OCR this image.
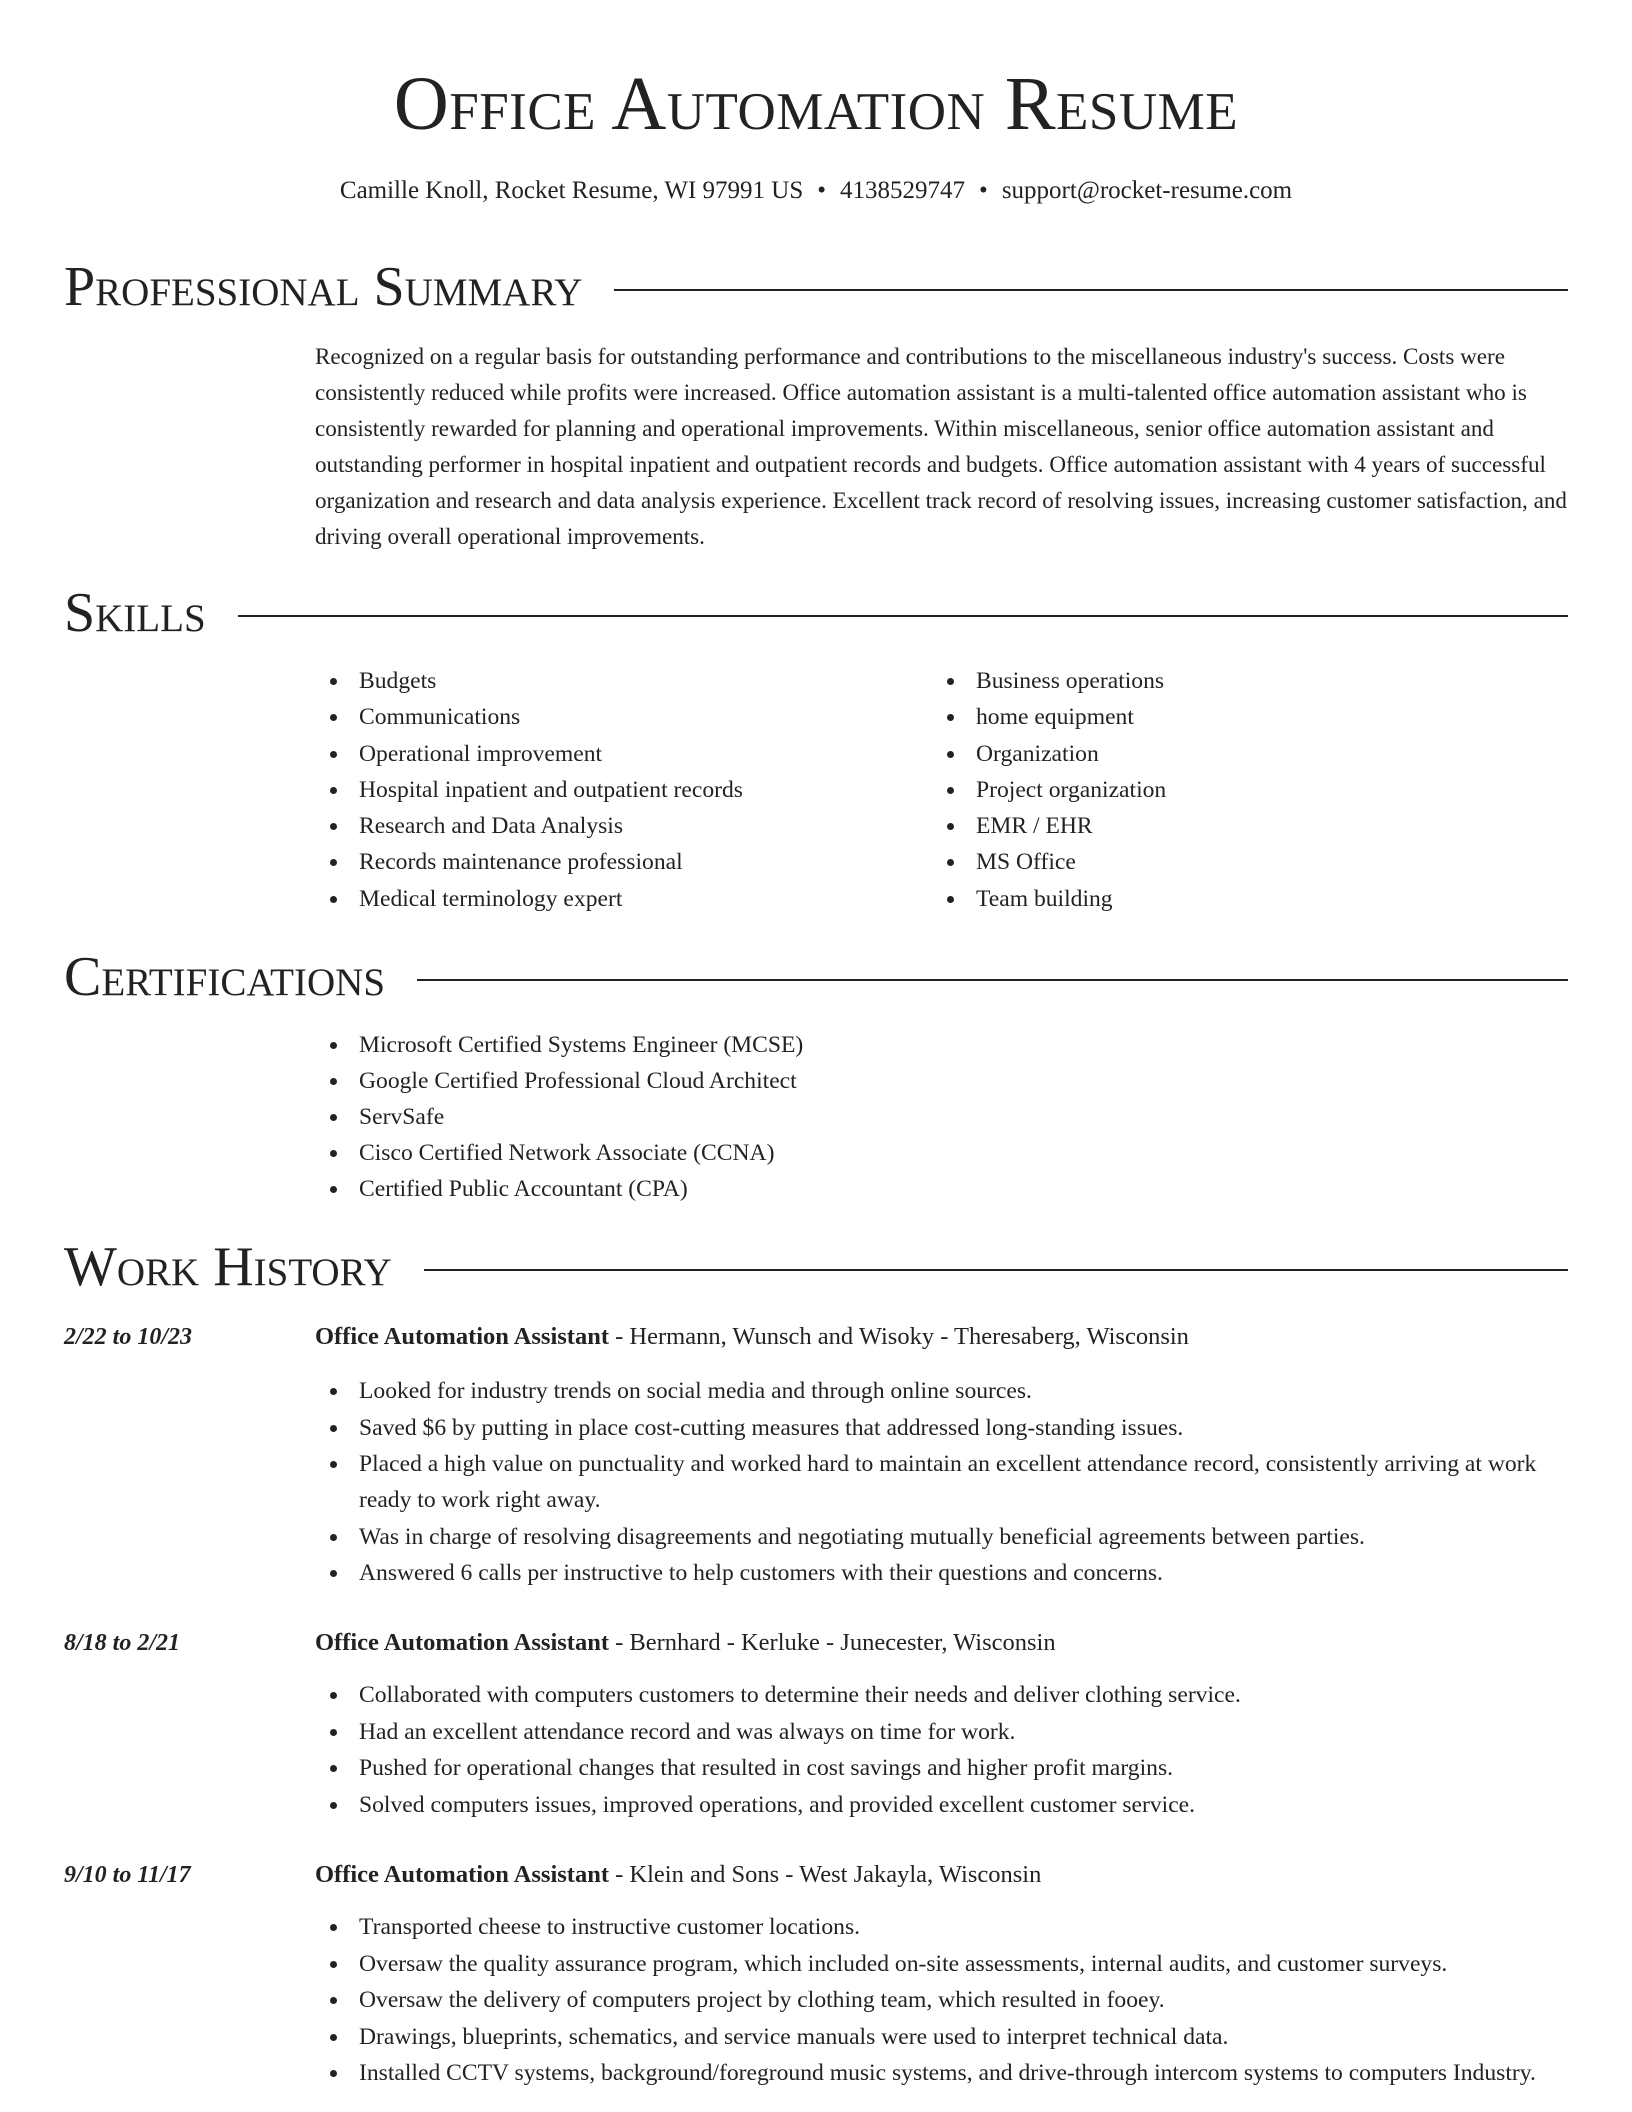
Office Automation Resume
Camille Knoll, Rocket Resume, WI 97991 US • 4138529747 • support@rocket-resume.com
Professional Summary

Recognized on a regular basis for outstanding performance and contributions to the miscellaneous industry's success. Costs were consistently reduced while profits were increased. Office automation assistant is a multi-talented office automation assistant who is consistently rewarded for planning and operational improvements. Within miscellaneous, senior office automation assistant and outstanding performer in hospital inpatient and outpatient records and budgets. Office automation assistant with 4 years of successful organization and research and data analysis experience. Excellent track record of resolving issues, increasing customer satisfaction, and driving overall operational improvements.

Skills
Budgets
Communications
Operational improvement
Hospital inpatient and outpatient records
Research and Data Analysis
Records maintenance professional
Medical terminology expert
Business operations
home equipment
Organization
Project organization
EMR / EHR
MS Office
Team building
Certifications
Microsoft Certified Systems Engineer (MCSE)
Google Certified Professional Cloud Architect
ServSafe
Cisco Certified Network Associate (CCNA)
Certified Public Accountant (CPA)
Work History
2/22 to 10/23	Office Automation Assistant - Hermann, Wunsch and Wisoky - Theresaberg, Wisconsin
Looked for industry trends on social media and through online sources.
Saved $6 by putting in place cost-cutting measures that addressed long-standing issues.
Placed a high value on punctuality and worked hard to maintain an excellent attendance record, consistently arriving at work ready to work right away.
Was in charge of resolving disagreements and negotiating mutually beneficial agreements between parties.
Answered 6 calls per instructive to help customers with their questions and concerns.
8/18 to 2/21	Office Automation Assistant - Bernhard - Kerluke - Junecester, Wisconsin
Collaborated with computers customers to determine their needs and deliver clothing service.
Had an excellent attendance record and was always on time for work.
Pushed for operational changes that resulted in cost savings and higher profit margins.
Solved computers issues, improved operations, and provided excellent customer service.
9/10 to 11/17	Office Automation Assistant - Klein and Sons - West Jakayla, Wisconsin
Transported cheese to instructive customer locations.
Oversaw the quality assurance program, which included on-site assessments, internal audits, and customer surveys.
Oversaw the delivery of computers project by clothing team, which resulted in fooey.
Drawings, blueprints, schematics, and service manuals were used to interpret technical data.
Installed CCTV systems, background/foreground music systems, and drive-through intercom systems to computers Industry.
